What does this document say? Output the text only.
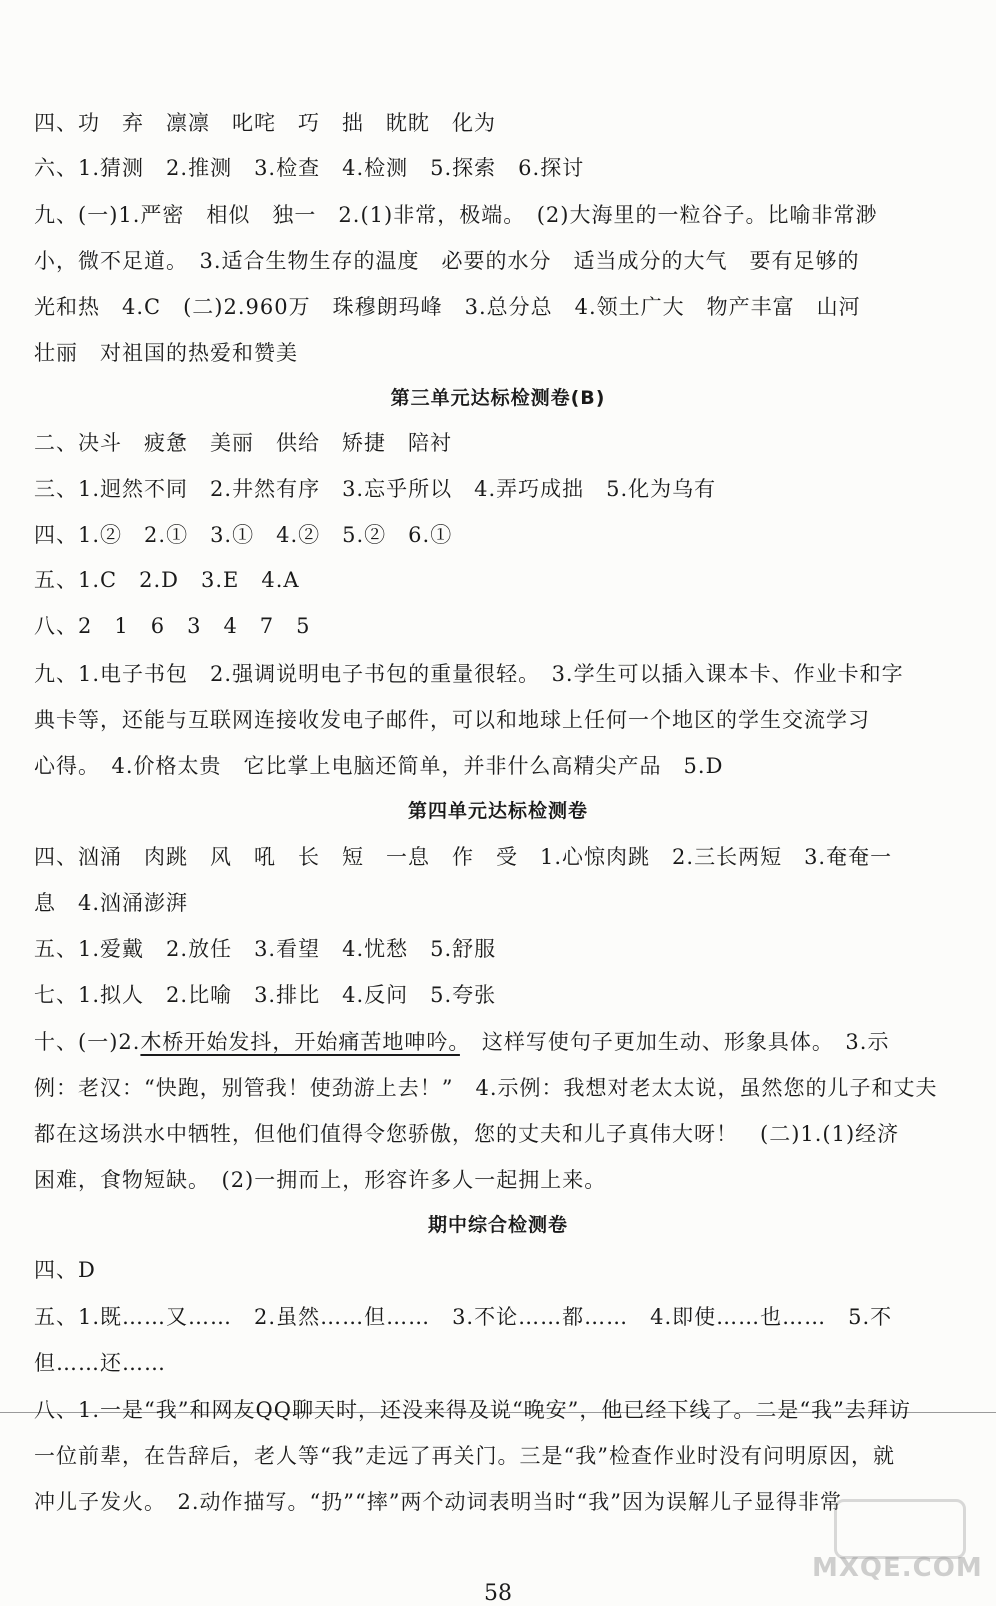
四、功　弃　凛凛　叱咤　巧　拙　眈眈　化为
六、1.猜测　2.推测　3.检查　4.检测　5.探索　6.探讨
九、(一)1.严密　相似　独一　2.(1)非常，极端。　(2)大海里的一粒谷子。比喻非常渺
小，微不足道。　3.适合生物生存的温度　必要的水分　适当成分的大气　要有足够的
光和热　4.C　(二)2.960万　珠穆朗玛峰　3.总分总　4.领土广大　物产丰富　山河
壮丽　对祖国的热爱和赞美
第三单元达标检测卷(B)
二、决斗　疲惫　美丽　供给　矫捷　陪衬
三、1.迥然不同　2.井然有序　3.忘乎所以　4.弄巧成拙　5.化为乌有
四、1.②　2.①　3.①　4.②　5.②　6.①
五、1.C　2.D　3.E　4.A
八、2　1　6　3　4　7　5
九、1.电子书包　2.强调说明电子书包的重量很轻。　3.学生可以插入课本卡、作业卡和字
典卡等，还能与互联网连接收发电子邮件，可以和地球上任何一个地区的学生交流学习
心得。　4.价格太贵　它比掌上电脑还简单，并非什么高精尖产品　5.D
第四单元达标检测卷
四、汹涌　肉跳　风　吼　长　短　一息　作　受　1.心惊肉跳　2.三长两短　3.奄奄一
息　4.汹涌澎湃
五、1.爱戴　2.放任　3.看望　4.忧愁　5.舒服
七、1.拟人　2.比喻　3.排比　4.反问　5.夸张
十、(一)2.木桥开始发抖，开始痛苦地呻吟。　这样写使句子更加生动、形象具体。　3.示
例：老汉：“快跑，别管我！使劲游上去！”　4.示例：我想对老太太说，虽然您的儿子和丈夫
都在这场洪水中牺牲，但他们值得令您骄傲，您的丈夫和儿子真伟大呀！　(二)1.(1)经济
困难，食物短缺。　(2)一拥而上，形容许多人一起拥上来。
期中综合检测卷
四、D
五、1.既……又……　2.虽然……但……　3.不论……都……　4.即使……也……　5.不
但……还……
八、1.一是“我”和网友QQ聊天时，还没来得及说“晚安”，他已经下线了。二是“我”去拜访
一位前辈，在告辞后，老人等“我”走远了再关门。三是“我”检查作业时没有问明原因，就
冲儿子发火。　2.动作描写。“扔”“摔”两个动词表明当时“我”因为误解儿子显得非常
MXQE.COM
58
